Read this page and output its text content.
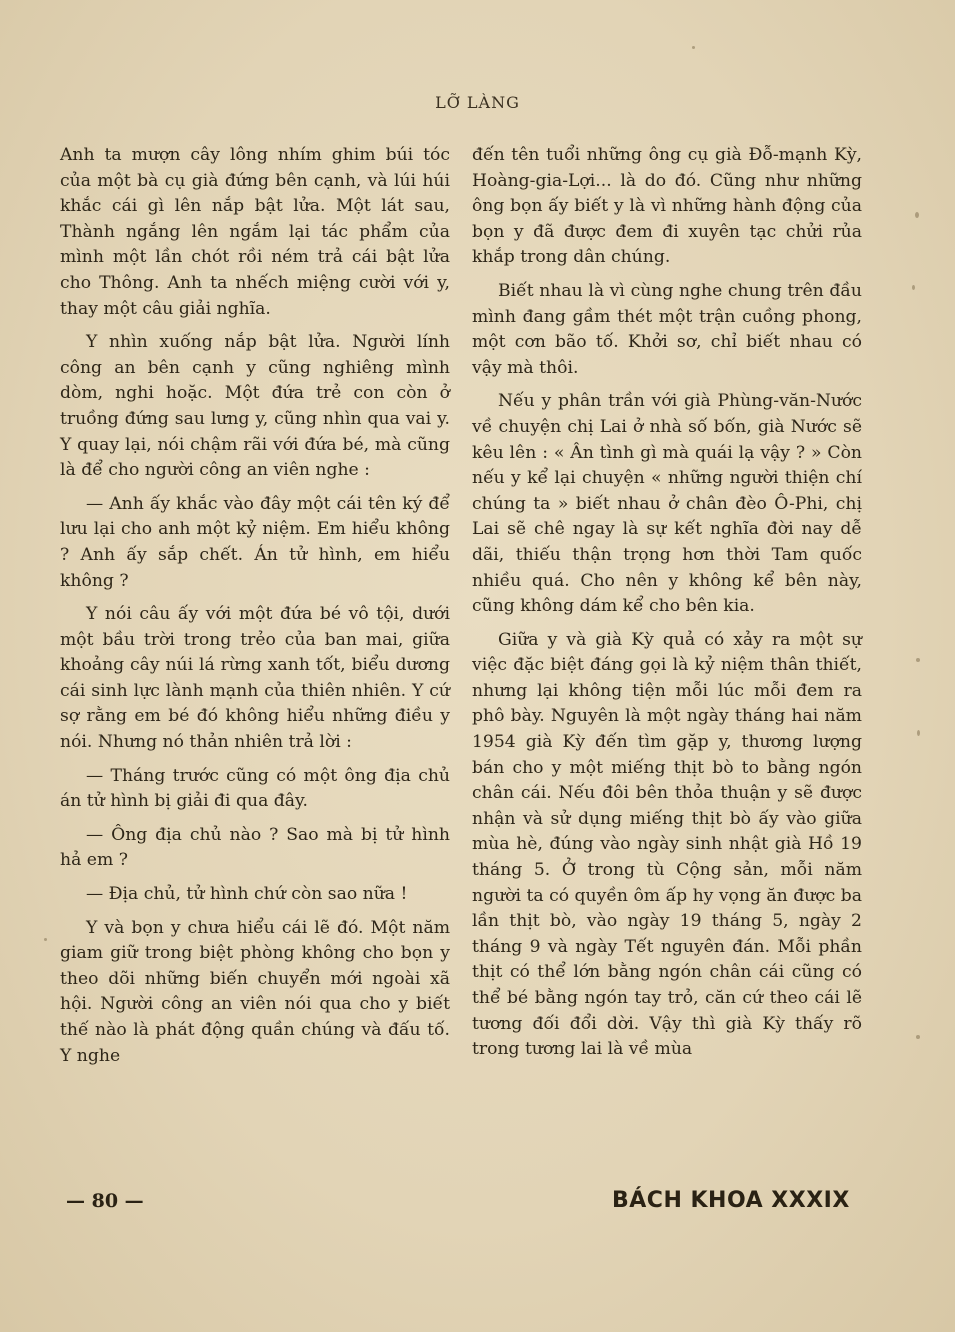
LỠ LÀNG

Anh ta mượn cây lông nhím ghim búi tóc của một bà cụ già đứng bên cạnh, và lúi húi khắc cái gì lên nắp bật lửa. Một lát sau, Thành ngắng lên ngắm lại tác phẩm của mình một lần chót rồi ném trả cái bật lửa cho Thông. Anh ta nhếch miệng cười với y, thay một câu giải nghĩa.

Y nhìn xuống nắp bật lửa. Người lính công an bên cạnh y cũng nghiêng mình dòm, nghi hoặc. Một đứa trẻ con còn ở truồng đứng sau lưng y, cũng nhìn qua vai y. Y quay lại, nói chậm rãi với đứa bé, mà cũng là để cho người công an viên nghe :

— Anh ấy khắc vào đây một cái tên ký để lưu lại cho anh một kỷ niệm. Em hiểu không ? Anh ấy sắp chết. Án tử hình, em hiểu không ?

Y nói câu ấy với một đứa bé vô tội, dưới một bầu trời trong trẻo của ban mai, giữa khoảng cây núi lá rừng xanh tốt, biểu dương cái sinh lực lành mạnh của thiên nhiên. Y cứ sợ rằng em bé đó không hiểu những điều y nói. Nhưng nó thản nhiên trả lời :

— Tháng trước cũng có một ông địa chủ án tử hình bị giải đi qua đây.

— Ông địa chủ nào ? Sao mà bị tử hình hả em ?

— Địa chủ, tử hình chứ còn sao nữa !

Y và bọn y chưa hiểu cái lẽ đó. Một năm giam giữ trong biệt phòng không cho bọn y theo dõi những biến chuyển mới ngoài xã hội. Người công an viên nói qua cho y biết thế nào là phát động quần chúng và đấu tố. Y nghe

đến tên tuổi những ông cụ già Đỗ-mạnh Kỳ, Hoàng-gia-Lợi... là do đó. Cũng như những ông bọn ấy biết y là vì những hành động của bọn y đã được đem đi xuyên tạc chửi rủa khắp trong dân chúng.

Biết nhau là vì cùng nghe chung trên đầu mình đang gầm thét một trận cuồng phong, một cơn bão tố. Khởi sơ, chỉ biết nhau có vậy mà thôi.

Nếu y phân trần với già Phùng-văn-Nước về chuyện chị Lai ở nhà số bốn, già Nước sẽ kêu lên : « Ân tình gì mà quái lạ vậy ? » Còn nếu y kể lại chuyện « những người thiện chí chúng ta » biết nhau ở chân đèo Ô-Phi, chị Lai sẽ chê ngay là sự kết nghĩa đời nay dễ dãi, thiếu thận trọng hơn thời Tam quốc nhiều quá. Cho nên y không kể bên này, cũng không dám kể cho bên kia.

Giữa y và già Kỳ quả có xảy ra một sự việc đặc biệt đáng gọi là kỷ niệm thân thiết, nhưng lại không tiện mỗi lúc mỗi đem ra phô bày. Nguyên là một ngày tháng hai năm 1954 già Kỳ đến tìm gặp y, thương lượng bán cho y một miếng thịt bò to bằng ngón chân cái. Nếu đôi bên thỏa thuận y sẽ được nhận và sử dụng miếng thịt bò ấy vào giữa mùa hè, đúng vào ngày sinh nhật già Hồ 19 tháng 5. Ở trong tù Cộng sản, mỗi năm người ta có quyền ôm ấp hy vọng ăn được ba lần thịt bò, vào ngày 19 tháng 5, ngày 2 tháng 9 và ngày Tết nguyên đán. Mỗi phần thịt có thể lớn bằng ngón chân cái cũng có thể bé bằng ngón tay trỏ, căn cứ theo cái lẽ tương đối đổi dời. Vậy thì già Kỳ thấy rõ trong tương lai là về mùa

— 80 —	BÁCH KHOA XXXIX
